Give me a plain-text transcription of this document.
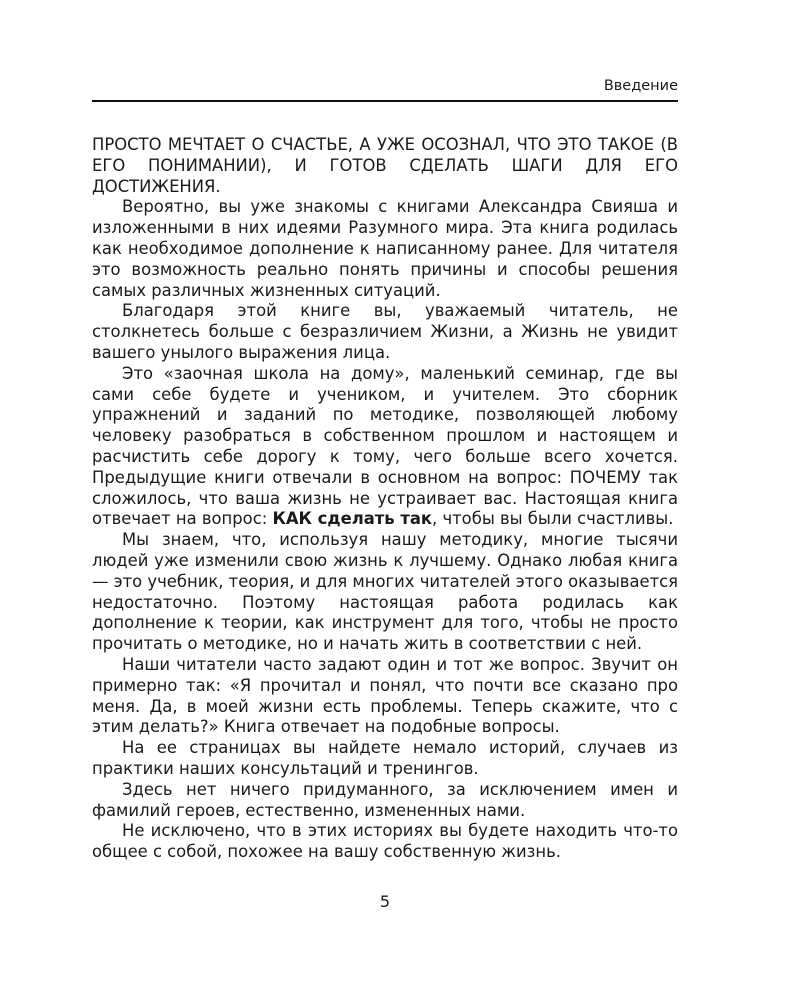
Введение

ПРОСТО МЕЧТАЕТ О СЧАСТЬЕ, А УЖЕ ОСОЗНАЛ, ЧТО ЭТО ТАКОЕ (В ЕГО ПОНИМАНИИ), И ГОТОВ СДЕЛАТЬ ШАГИ ДЛЯ ЕГО ДОСТИЖЕНИЯ.

Вероятно, вы уже знакомы с книгами Александра Свияша и изложенными в них идеями Разумного мира. Эта книга родилась как необходимое дополнение к написанному ранее. Для читателя это возможность реально понять причины и способы решения самых различных жизненных ситуаций.

Благодаря этой книге вы, уважаемый читатель, не столкнетесь больше с безразличием Жизни, а Жизнь не увидит вашего унылого выражения лица.

Это «заочная школа на дому», маленький семинар, где вы сами себе будете и учеником, и учителем. Это сборник упражнений и заданий по методике, позволяющей любому человеку разобраться в собственном прошлом и настоящем и расчистить себе дорогу к тому, чего больше всего хочется. Предыдущие книги отвечали в основном на вопрос: ПОЧЕМУ так сложилось, что ваша жизнь не устраивает вас. Настоящая книга отвечает на вопрос: КАК сделать так, чтобы вы были счастливы.

Мы знаем, что, используя нашу методику, многие тысячи людей уже изменили свою жизнь к лучшему. Однако любая книга — это учебник, теория, и для многих читателей этого оказывается недостаточно. Поэтому настоящая работа родилась как дополнение к теории, как инструмент для того, чтобы не просто прочитать о методике, но и начать жить в соответствии с ней.

Наши читатели часто задают один и тот же вопрос. Звучит он примерно так: «Я прочитал и понял, что почти все сказано про меня. Да, в моей жизни есть проблемы. Теперь скажите, что с этим делать?» Книга отвечает на подобные вопросы.

На ее страницах вы найдете немало историй, случаев из практики наших консультаций и тренингов.

Здесь нет ничего придуманного, за исключением имен и фамилий героев, естественно, измененных нами.

Не исключено, что в этих историях вы будете находить что-то общее с собой, похожее на вашу собственную жизнь.

5
